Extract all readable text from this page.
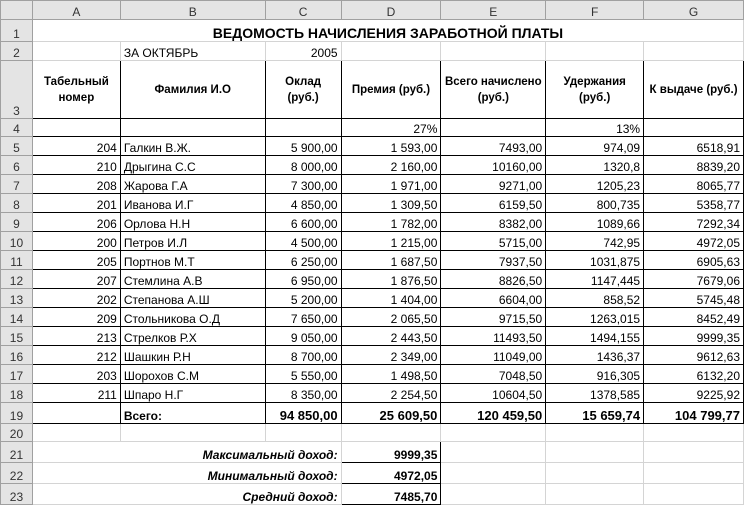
	A	B	C	D	E	F	G
1	ВЕДОМОСТЬ НАЧИСЛЕНИЯ ЗАРАБОТНОЙ ПЛАТЫ						
2		ЗА ОКТЯБРЬ	2005				
3	Табельный номер	Фамилия И.О	Оклад (руб.)	Премия (руб.)	Всего начислено (руб.)	Удержания (руб.)	К выдаче (руб.)
4				27%		13%	
5	204	Галкин В.Ж.	5 900,00	1 593,00	7493,00	974,09	6518,91
6	210	Дрыгина С.С	8 000,00	2 160,00	10160,00	1320,8	8839,20
7	208	Жарова Г.А	7 300,00	1 971,00	9271,00	1205,23	8065,77
8	201	Иванова И.Г	4 850,00	1 309,50	6159,50	800,735	5358,77
9	206	Орлова Н.Н	6 600,00	1 782,00	8382,00	1089,66	7292,34
10	200	Петров И.Л	4 500,00	1 215,00	5715,00	742,95	4972,05
11	205	Портнов М.Т	6 250,00	1 687,50	7937,50	1031,875	6905,63
12	207	Стемлина А.В	6 950,00	1 876,50	8826,50	1147,445	7679,06
13	202	Степанова А.Ш	5 200,00	1 404,00	6604,00	858,52	5745,48
14	209	Стольникова О.Д	7 650,00	2 065,50	9715,50	1263,015	8452,49
15	213	Стрелков Р.Х	9 050,00	2 443,50	11493,50	1494,155	9999,35
16	212	Шашкин Р.Н	8 700,00	2 349,00	11049,00	1436,37	9612,63
17	203	Шорохов С.М	5 550,00	1 498,50	7048,50	916,305	6132,20
18	211	Шпаро Н.Г	8 350,00	2 254,50	10604,50	1378,585	9225,92
19		Всего:	94 850,00	25 609,50	120 459,50	15 659,74	104 799,77
20							
21	Максимальный доход:			9999,35			
22	Минимальный доход:			4972,05			
23	Средний доход:			7485,70			
